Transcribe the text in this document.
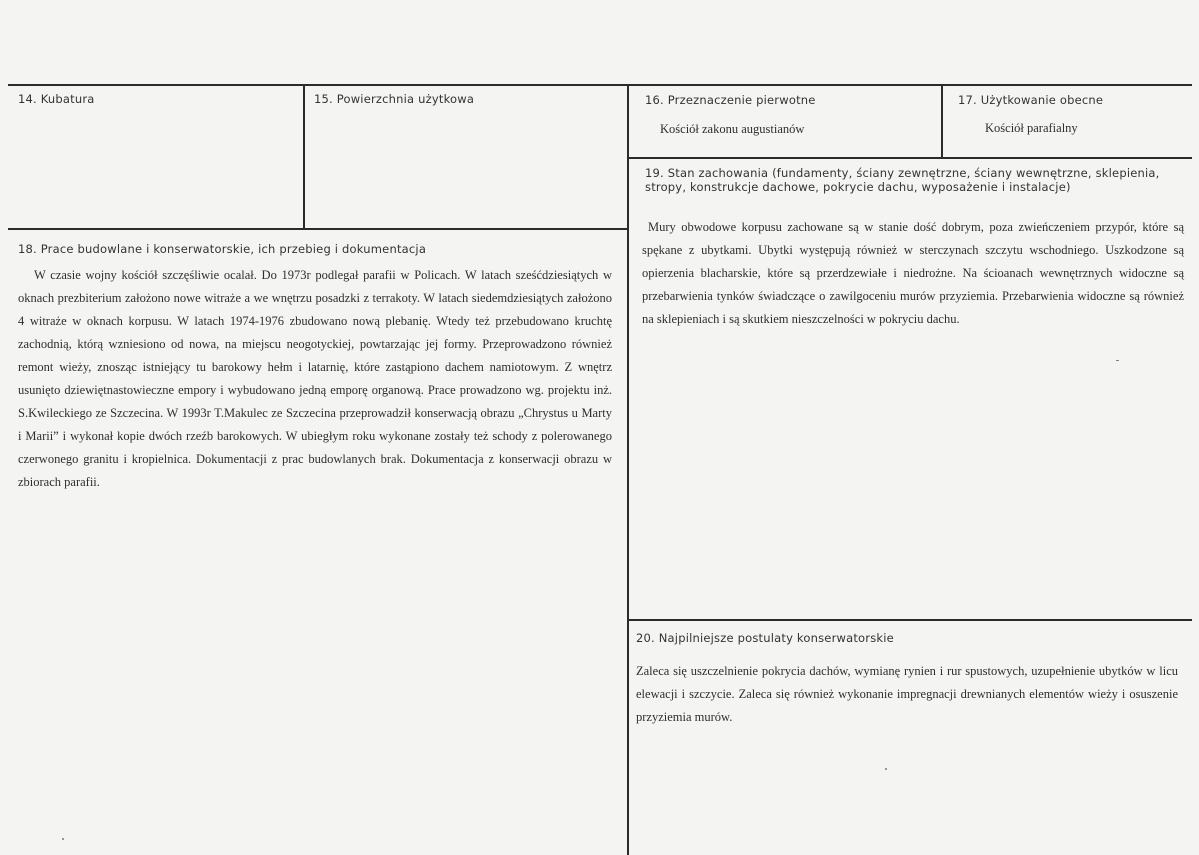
14. Kubatura	15. Powierzchnia użytkowa	16. Przeznaczenie pierwotne
Kościół zakonu augustianów
17. Użytkowanie obecne
Kościół parafialny
18. Prace budowlane i konserwatorskie, ich przebieg i dokumentacja
W czasie wojny kościół szczęśliwie ocalał. Do 1973r podlegał parafii w Policach. W latach sześćdziesiątych w oknach prezbiterium założono nowe witraże a we wnętrzu posadzki z terrakoty. W latach siedemdziesiątych założono 4 witraże w oknach korpusu. W latach 1974-1976 zbudowano nową plebanię. Wtedy też przebudowano kruchtę zachodnią, którą wzniesiono od nowa, na miejscu neogotyckiej, powtarzając jej formy. Przeprowadzono również remont wieży, znosząc istniejący tu barokowy hełm i latarnię, które zastąpiono dachem namiotowym. Z wnętrz usunięto dziewiętnastowieczne empory i wybudowano jedną emporę organową. Prace prowadzono wg. projektu inż. S.Kwileckiego ze Szczecina. W 1993r T.Makulec ze Szczecina przeprowadził konserwacją obrazu „Chrystus u Marty i Marii” i wykonał kopie dwóch rzeźb barokowych. W ubiegłym roku wykonane zostały też schody z polerowanego czerwonego granitu i kropielnica. Dokumentacji z prac budowlanych brak. Dokumentacja z konserwacji obrazu w zbiorach parafii.
19. Stan zachowania (fundamenty, ściany zewnętrzne, ściany wewnętrzne, sklepienia, stropy, konstrukcje dachowe, pokrycie dachu, wyposażenie i instalacje)
Mury obwodowe korpusu zachowane są w stanie dość dobrym, poza zwieńczeniem przypór, które są spękane z ubytkami. Ubytki występują również w sterczynach szczytu wschodniego. Uszkodzone są opierzenia blacharskie, które są przerdzewiałe i niedrożne. Na ścioanach wewnętrznych widoczne są przebarwienia tynków świadczące o zawilgoceniu murów przyziemia. Przebarwienia widoczne są również na sklepieniach i są skutkiem nieszczelności w pokryciu dachu.
20. Najpilniejsze postulaty konserwatorskie
Zaleca się uszczelnienie pokrycia dachów, wymianę rynien i rur spustowych, uzupełnienie ubytków w licu elewacji i szczycie. Zaleca się również wykonanie impregnacji drewnianych elementów wieży i osuszenie przyziemia murów.
